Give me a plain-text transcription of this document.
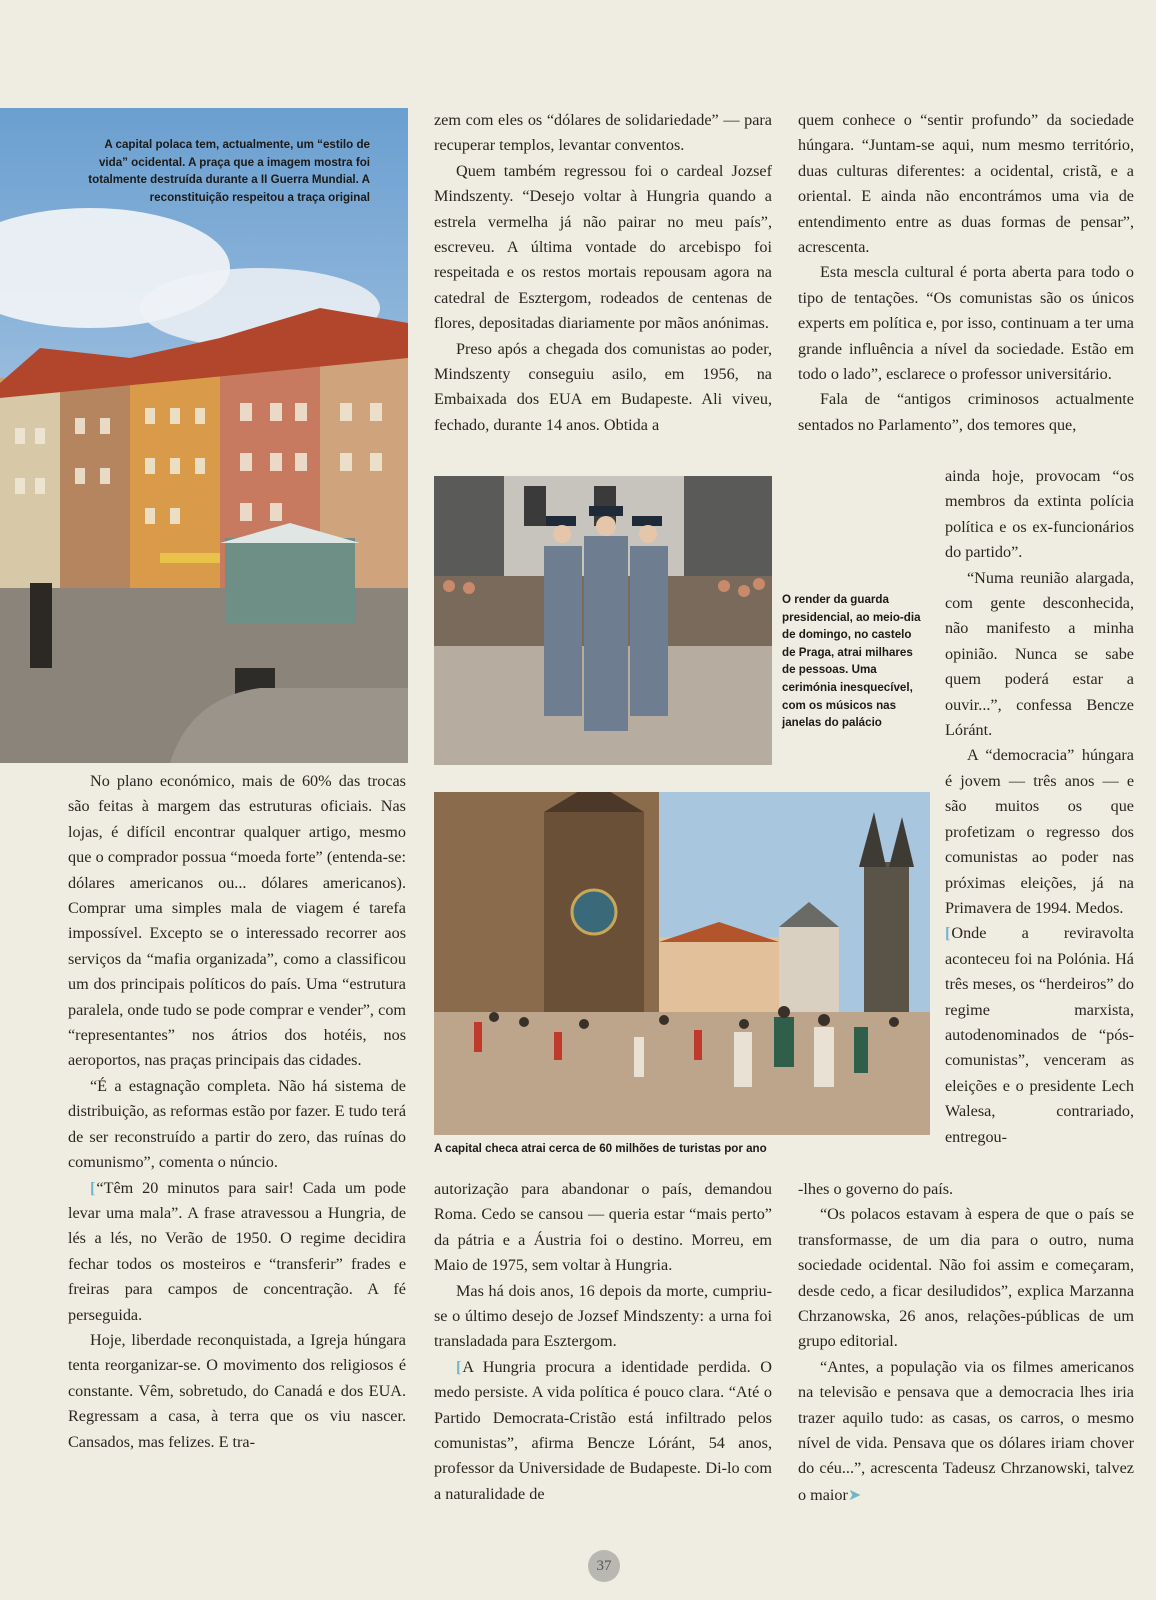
A capital polaca tem, actualmente, um “estilo de vida” ocidental. A praça que a imagem mostra foi totalmente destruída durante a II Guerra Mundial. A reconstituição respeitou a traça original

No plano económico, mais de 60% das trocas são feitas à margem das estruturas oficiais. Nas lojas, é difícil encontrar qualquer artigo, mesmo que o comprador possua “moeda forte” (entenda-se: dólares americanos ou... dólares americanos). Comprar uma simples mala de viagem é tarefa impossível. Excepto se o interessado recorrer aos serviços da “mafia organizada”, como a classificou um dos principais políticos do país. Uma “estrutura paralela, onde tudo se pode comprar e vender”, com “representantes” nos átrios dos hotéis, nos aeroportos, nas praças principais das cidades.

“É a estagnação completa. Não há sistema de distribuição, as reformas estão por fazer. E tudo terá de ser reconstruído a partir do zero, das ruínas do comunismo”, comenta o núncio.

[“Têm 20 minutos para sair! Cada um pode levar uma mala”. A frase atravessou a Hungria, de lés a lés, no Verão de 1950. O regime decidira fechar todos os mosteiros e “transferir” frades e freiras para campos de concentração. A fé perseguida.

Hoje, liberdade reconquistada, a Igreja húngara tenta reorganizar-se. O movimento dos religiosos é constante. Vêm, sobretudo, do Canadá e dos EUA. Regressam a casa, à terra que os viu nascer. Cansados, mas felizes. E tra-

zem com eles os “dólares de solidariedade” — para recuperar templos, levantar conventos.

Quem também regressou foi o cardeal Jozsef Mindszenty. “Desejo voltar à Hungria quando a estrela vermelha já não pairar no meu país”, escreveu. A última vontade do arcebispo foi respeitada e os restos mortais repousam agora na catedral de Esztergom, rodeados de centenas de flores, depositadas diariamente por mãos anónimas.

Preso após a chegada dos comunistas ao poder, Mindszenty conseguiu asilo, em 1956, na Embaixada dos EUA em Budapeste. Ali viveu, fechado, durante 14 anos. Obtida a

O render da guarda presidencial, ao meio-dia de domingo, no castelo de Praga, atrai milhares de pessoas. Uma cerimónia inesquecível, com os músicos nas janelas do palácio
A capital checa atrai cerca de 60 milhões de turistas por ano

autorização para abandonar o país, demandou Roma. Cedo se cansou — queria estar “mais perto” da pátria e a Áustria foi o destino. Morreu, em Maio de 1975, sem voltar à Hungria.

Mas há dois anos, 16 depois da morte, cumpriu-se o último desejo de Jozsef Mindszenty: a urna foi transladada para Esztergom.

[A Hungria procura a identidade perdida. O medo persiste. A vida política é pouco clara. “Até o Partido Democrata-Cristão está infiltrado pelos comunistas”, afirma Bencze Lóránt, 54 anos, professor da Universidade de Budapeste. Di-lo com a naturalidade de

quem conhece o “sentir profundo” da sociedade húngara. “Juntam-se aqui, num mesmo território, duas culturas diferentes: a ocidental, cristã, e a oriental. E ainda não encontrámos uma via de entendimento entre as duas formas de pensar”, acrescenta.

Esta mescla cultural é porta aberta para todo o tipo de tentações. “Os comunistas são os únicos experts em política e, por isso, continuam a ter uma grande influência a nível da sociedade. Estão em todo o lado”, esclarece o professor universitário.

Fala de “antigos criminosos actualmente sentados no Parlamento”, dos temores que,

ainda hoje, provocam “os membros da extinta polícia política e os ex-funcionários do partido”.

“Numa reunião alargada, com gente desconhecida, não manifesto a minha opinião. Nunca se sabe quem poderá estar a ouvir...”, confessa Bencze Lóránt.

A “democracia” húngara é jovem — três anos — e são muitos os que profetizam o regresso dos comunistas ao poder nas próximas eleições, já na Primavera de 1994. Medos.

[Onde a reviravolta aconteceu foi na Polónia. Há três meses, os “herdeiros” do regime marxista, autodenominados de “pós-comunistas”, venceram as eleições e o presidente Lech Walesa, contrariado, entregou-

-lhes o governo do país.

“Os polacos estavam à espera de que o país se transformasse, de um dia para o outro, numa sociedade ocidental. Não foi assim e começaram, desde cedo, a ficar desiludidos”, explica Marzanna Chrzanowska, 26 anos, relações-públicas de um grupo editorial.

“Antes, a população via os filmes americanos na televisão e pensava que a democracia lhes iria trazer aquilo tudo: as casas, os carros, o mesmo nível de vida. Pensava que os dólares iriam chover do céu...”, acrescenta Tadeusz Chrzanowski, talvez o maior➤

37
